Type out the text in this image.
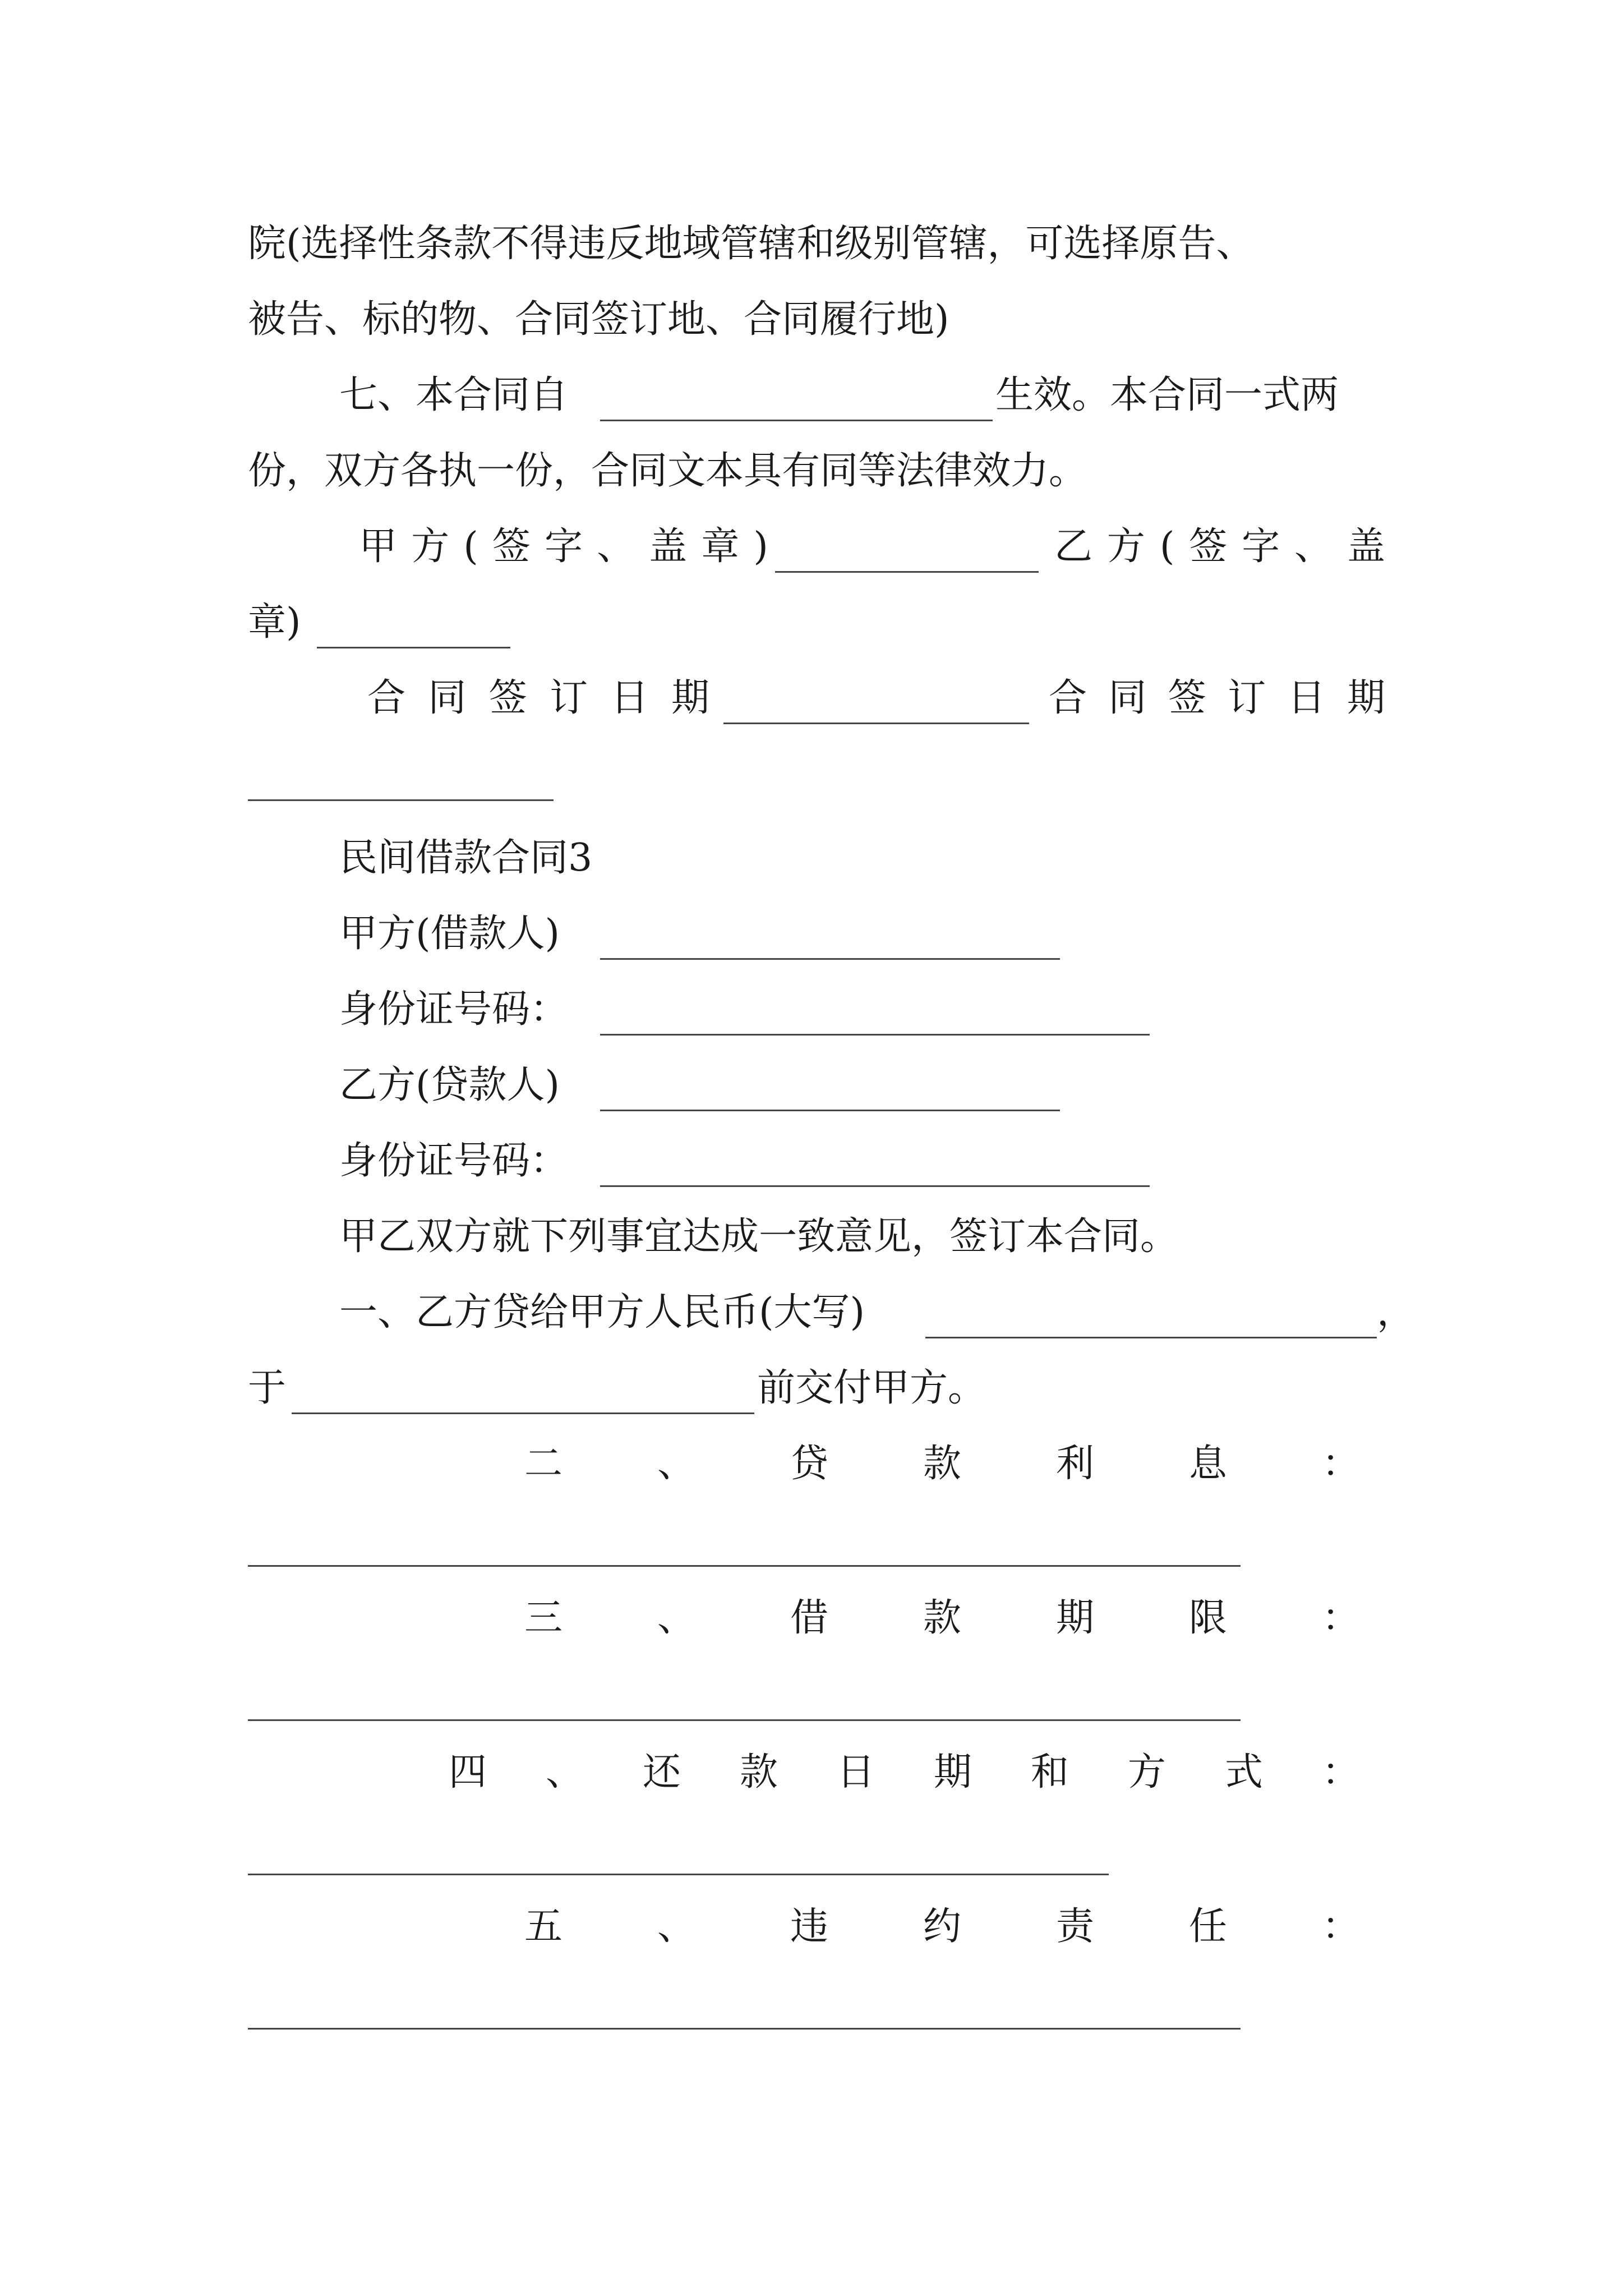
院(选择性条款不得违反地域管辖和级别管辖，可选择原告、
被告、标的物、合同签订地、合同履行地)
七、本合同自	生效。本合同一式两
份，双方各执一份，合同文本具有同等法律效力。
甲 方 ( 签 字 、 盖 章 )	乙 方 ( 签 字 、 盖
章)
合 同 签 订 日 期	合 同 签 订 日 期
民间借款合同3
甲方(借款人)
身份证号码：
乙方(贷款人)
身份证号码：
甲乙双方就下列事宜达成一致意见，签订本合同。
一、乙方贷给甲方人民币(大写)	，
于	前交付甲方。
二 、 贷 款 利 息 ：
三 、 借 款 期 限 ：
四 、 还 款 日 期 和 方 式 ：
五 、 违 约 责 任 ：
